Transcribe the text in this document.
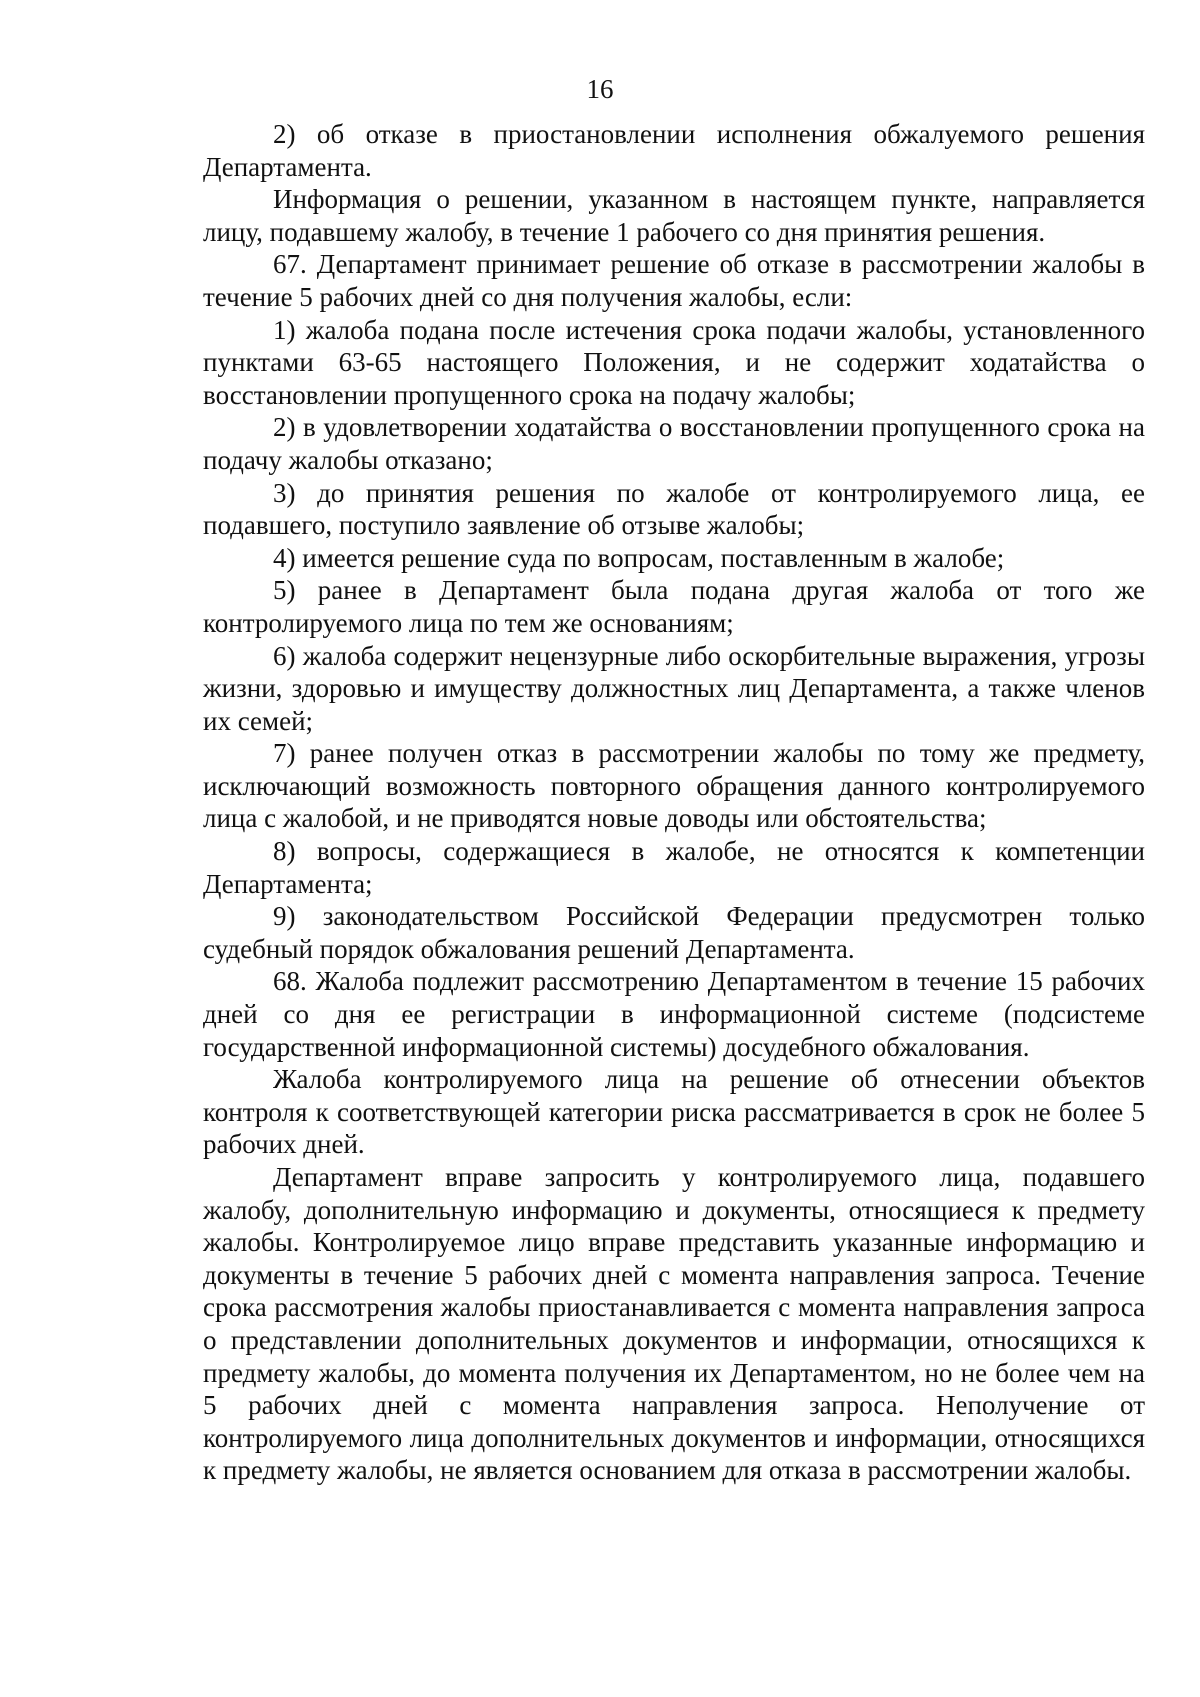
16

2) об отказе в приостановлении исполнения обжалуемого решения Департамента.

Информация о решении, указанном в настоящем пункте, направляется лицу, подавшему жалобу, в течение 1 рабочего со дня принятия решения.

67. Департамент принимает решение об отказе в рассмотрении жалобы в течение 5 рабочих дней со дня получения жалобы, если:

1) жалоба подана после истечения срока подачи жалобы, установленного пунктами 63-65 настоящего Положения, и не содержит ходатайства о восстановлении пропущенного срока на подачу жалобы;

2) в удовлетворении ходатайства о восстановлении пропущенного срока на подачу жалобы отказано;

3) до принятия решения по жалобе от контролируемого лица, ее подавшего, поступило заявление об отзыве жалобы;

4) имеется решение суда по вопросам, поставленным в жалобе;

5) ранее в Департамент была подана другая жалоба от того же контролируемого лица по тем же основаниям;

6) жалоба содержит нецензурные либо оскорбительные выражения, угрозы жизни, здоровью и имуществу должностных лиц Департамента, а также членов их семей;

7) ранее получен отказ в рассмотрении жалобы по тому же предмету, исключающий возможность повторного обращения данного контролируемого лица с жалобой, и не приводятся новые доводы или обстоятельства;

8) вопросы, содержащиеся в жалобе, не относятся к компетенции Департамента;

9) законодательством Российской Федерации предусмотрен только судебный порядок обжалования решений Департамента.

68. Жалоба подлежит рассмотрению Департаментом в течение 15 рабочих дней со дня ее регистрации в информационной системе (подсистеме государственной информационной системы) досудебного обжалования.

Жалоба контролируемого лица на решение об отнесении объектов контроля к соответствующей категории риска рассматривается в срок не более 5 рабочих дней.

Департамент вправе запросить у контролируемого лица, подавшего жалобу, дополнительную информацию и документы, относящиеся к предмету жалобы. Контролируемое лицо вправе представить указанные информацию и документы в течение 5 рабочих дней с момента направления запроса. Течение срока рассмотрения жалобы приостанавливается с момента направления запроса о представлении дополнительных документов и информации, относящихся к предмету жалобы, до момента получения их Департаментом, но не более чем на 5 рабочих дней с момента направления запроса. Неполучение от контролируемого лица дополнительных документов и информации, относящихся к предмету жалобы, не является основанием для отказа в рассмотрении жалобы.
